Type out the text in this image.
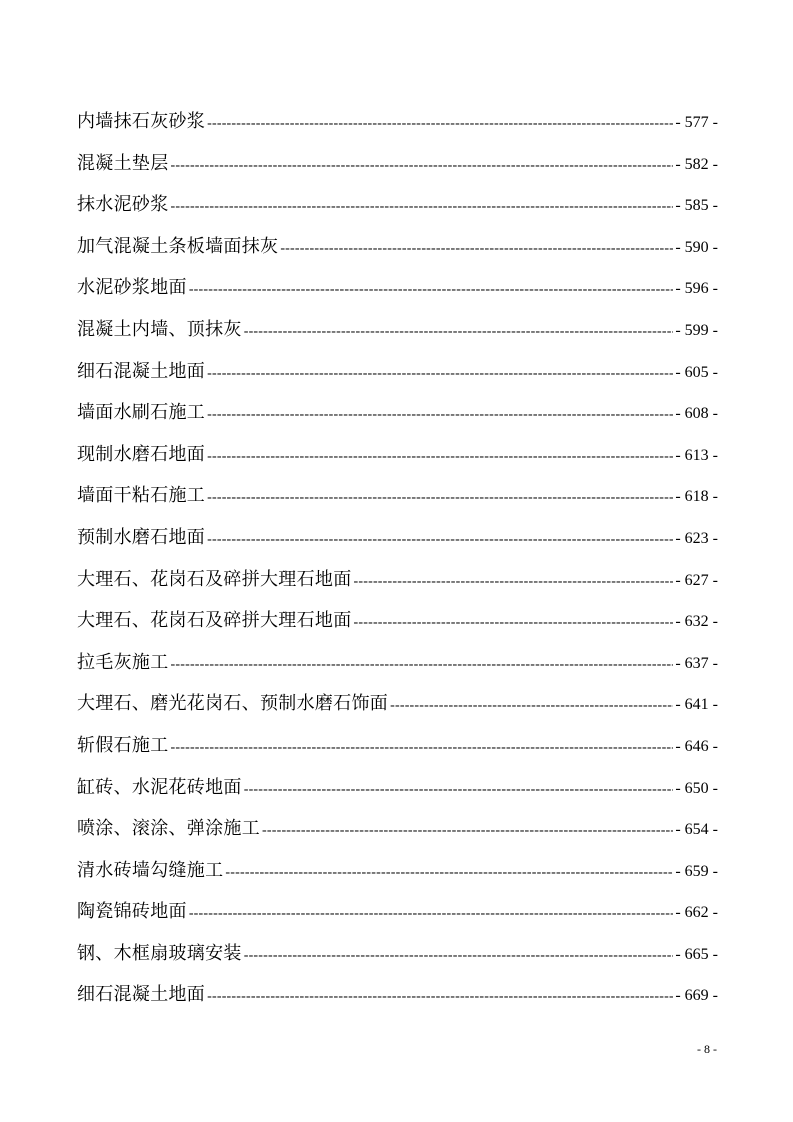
内墙抹石灰砂浆 -----	- 577 -
混凝土垫层 -----	- 582 -
抹水泥砂浆 -----	- 585 -
加气混凝土条板墙面抹灰 -----	- 590 -
水泥砂浆地面 -----	- 596 -
混凝土内墙、顶抹灰 -----	- 599 -
细石混凝土地面 -----	- 605 -
墙面水刷石施工 -----	- 608 -
现制水磨石地面 -----	- 613 -
墙面干粘石施工 -----	- 618 -
预制水磨石地面 -----	- 623 -
大理石、花岗石及碎拼大理石地面 -----	- 627 -
大理石、花岗石及碎拼大理石地面 -----	- 632 -
拉毛灰施工 -----	- 637 -
大理石、磨光花岗石、预制水磨石饰面 -----	- 641 -
斩假石施工 -----	- 646 -
缸砖、水泥花砖地面 -----	- 650 -
喷涂、滚涂、弹涂施工 -----	- 654 -
清水砖墙勾缝施工 -----	- 659 -
陶瓷锦砖地面 -----	- 662 -
钢、木框扇玻璃安装 -----	- 665 -
细石混凝土地面 -----	- 669 -
- 8 -
